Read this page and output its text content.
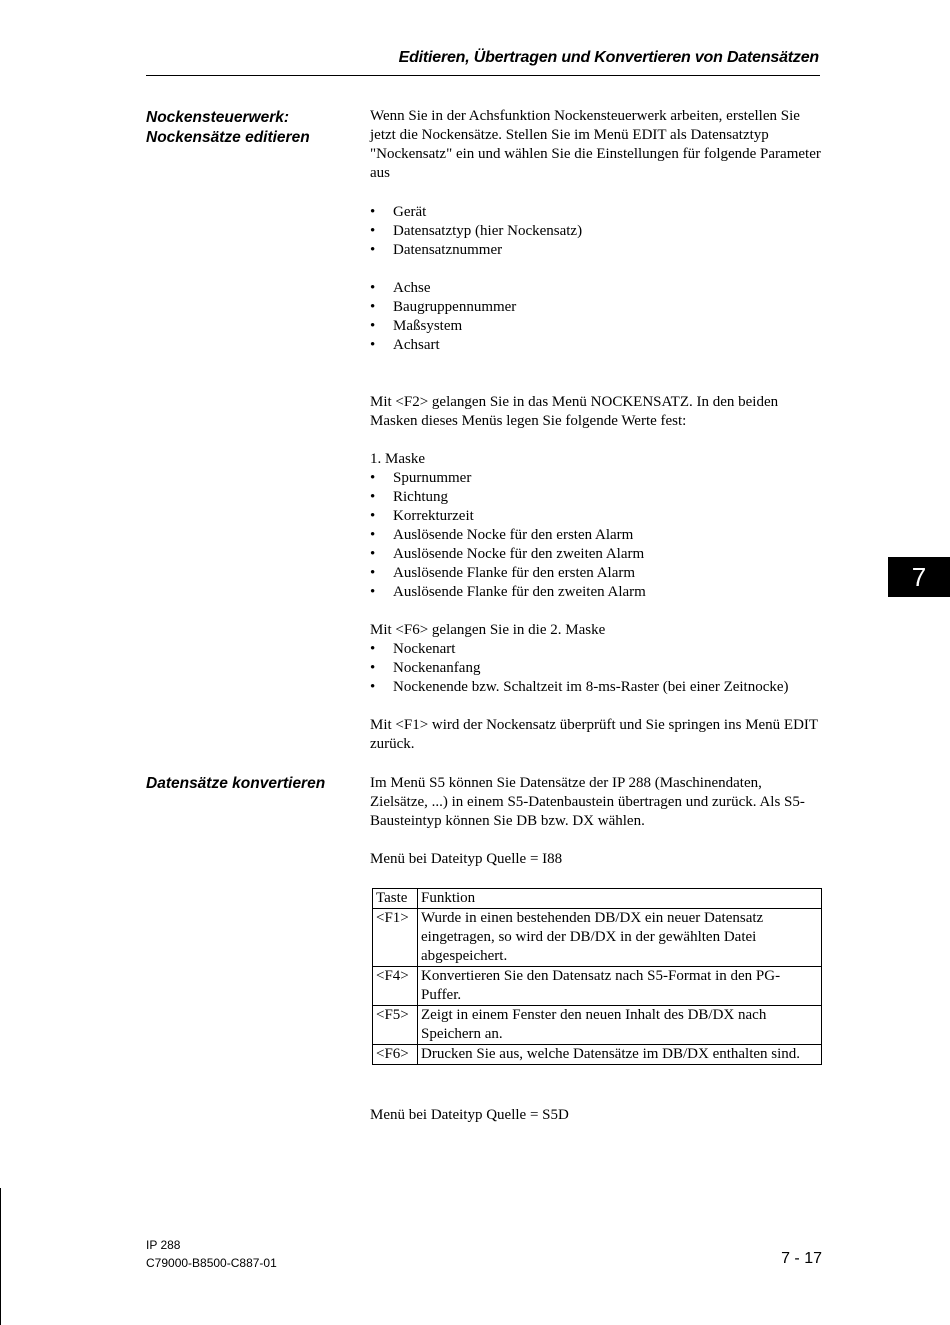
Editieren, Übertragen und Konvertieren von Datensätzen
7
Nockensteuerwerk:
Nockensätze editieren

Wenn Sie in der Achsfunktion Nockensteuerwerk arbeiten, erstellen Sie jetzt die Nockensätze. Stellen Sie im Menü EDIT als Datensatztyp "Nockensatz" ein und wählen Sie die Einstellungen für folgende Parameter aus

• Gerät
• Datensatztyp (hier Nockensatz)
• Datensatznummer
• Achse
• Baugruppennummer
• Maßsystem
• Achsart

Mit <F2> gelangen Sie in das Menü NOCKENSATZ. In den beiden Masken dieses Menüs legen Sie folgende Werte fest:

1. Maske

• Spurnummer
• Richtung
• Korrekturzeit
• Auslösende Nocke für den ersten Alarm
• Auslösende Nocke für den zweiten Alarm
• Auslösende Flanke für den ersten Alarm
• Auslösende Flanke für den zweiten Alarm

Mit <F6> gelangen Sie in die 2. Maske

• Nockenart
• Nockenanfang
• Nockenende bzw. Schaltzeit im 8-ms-Raster (bei einer Zeitnocke)

Mit <F1> wird der Nockensatz überprüft und Sie springen ins Menü EDIT zurück.

Datensätze konvertieren	Im Menü S5 können Sie Datensätze der IP 288 (Maschinendaten, Zielsätze, ...) in einem S5-Datenbaustein übertragen und zurück. Als S5-Bausteintyp können Sie DB bzw. DX wählen.

Menü bei Dateityp Quelle = I88

Taste	Funktion
<F1>	Wurde in einen bestehenden DB/DX ein neuer Datensatz eingetragen, so wird der DB/DX in der gewählten Datei abgespeichert.
<F4>	Konvertieren Sie den Datensatz nach S5-Format in den PG-Puffer.
<F5>	Zeigt in einem Fenster den neuen Inhalt des DB/DX nach Speichern an.
<F6>	Drucken Sie aus, welche Datensätze im DB/DX enthalten sind.

Menü bei Dateityp Quelle = S5D

IP 288
C79000-B8500-C887-01	7 - 17
